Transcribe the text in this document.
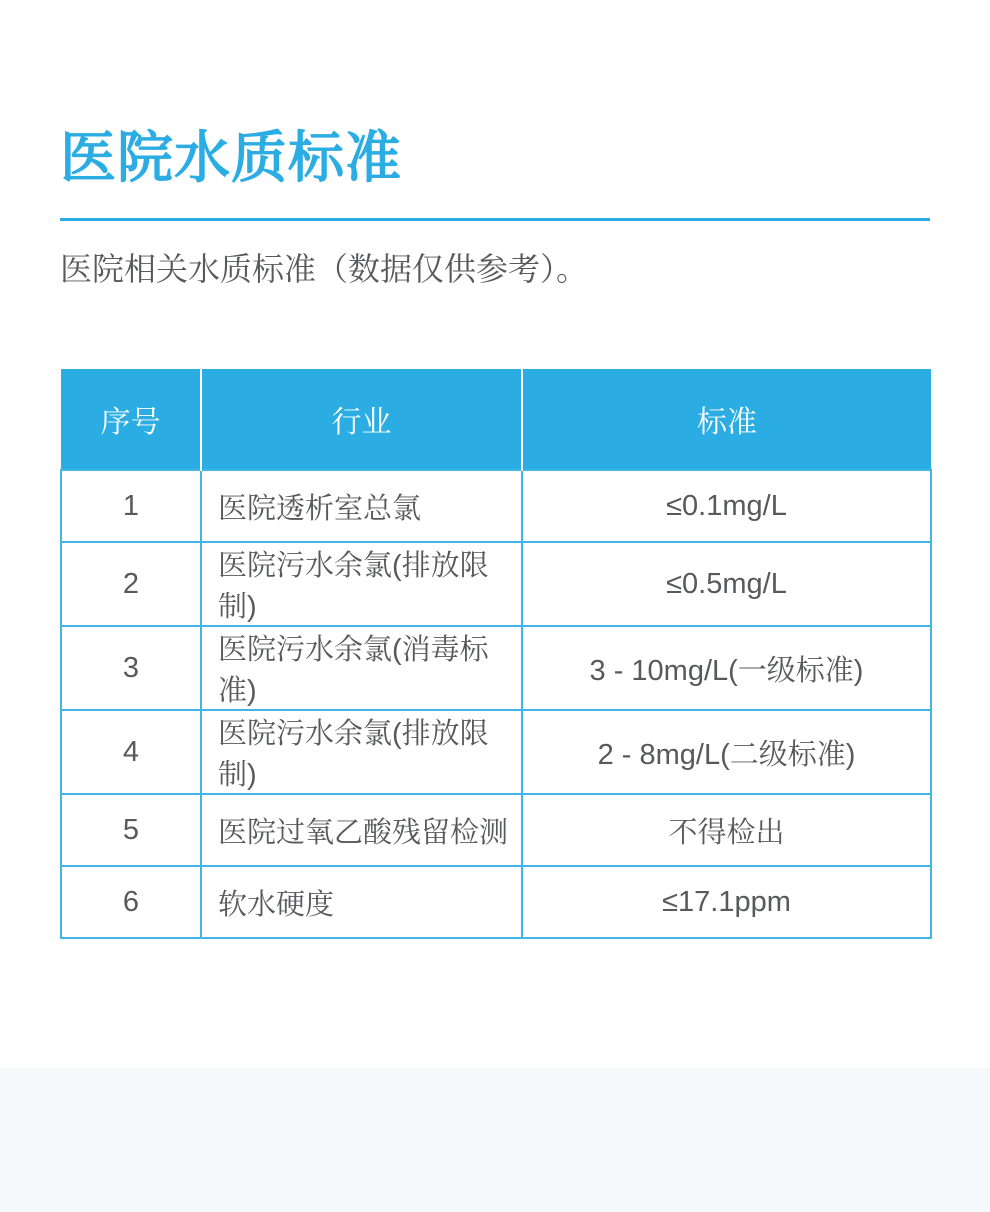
医院水质标准

医院相关水质标准（数据仅供参考）。

序号	行业	标准
1	医院透析室总氯	≤0.1mg/L
2	医院污水余氯(排放限制)	≤0.5mg/L
3	医院污水余氯(消毒标准)	3 - 10mg/L(一级标准)
4	医院污水余氯(排放限制)	2 - 8mg/L(二级标准)
5	医院过氧乙酸残留检测	不得检出
6	软水硬度	≤17.1ppm
